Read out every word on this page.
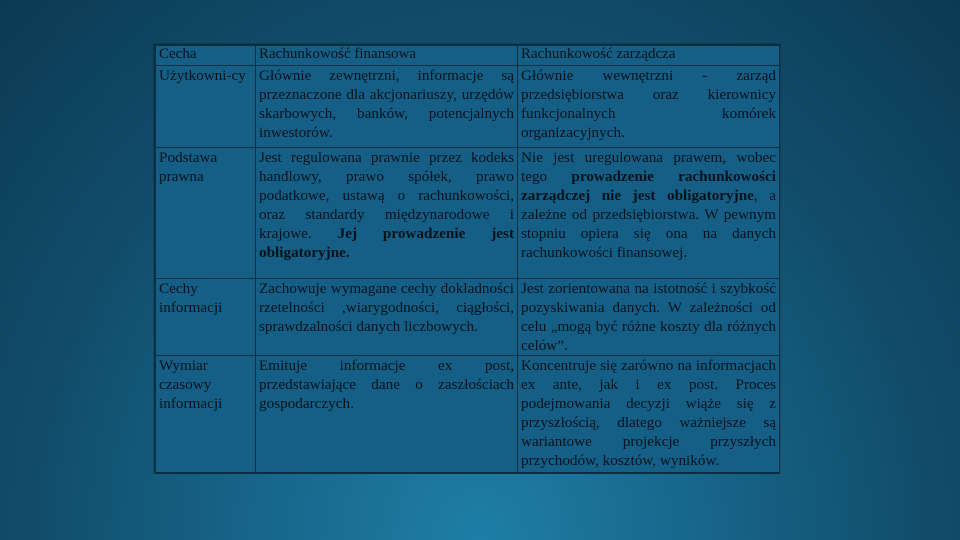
Cecha	Rachunkowość finansowa	Rachunkowość zarządcza
Użytkowni-cy	Głównie zewnętrzni, informacje są przeznaczone dla akcjonariuszy, urzędów skarbowych, banków, potencjalnych inwestorów.	Głównie wewnętrzni - zarząd przedsiębiorstwa oraz kierownicy funkcjonalnych komórek organizacyjnych.
Podstawa prawna	Jest regulowana prawnie przez kodeks handlowy, prawo spółek, prawo podatkowe, ustawą o rachunkowości, oraz standardy międzynarodowe i krajowe. Jej prowadzenie jest obligatoryjne.	Nie jest uregulowana prawem, wobec tego prowadzenie rachunkowości zarządczej nie jest obligatoryjne, a zależne od przedsiębiorstwa. W pewnym stopniu opiera się ona na danych rachunkowości finansowej.
Cechy informacji	Zachowuje wymagane cechy dokładności rzetelności ,wiarygodności, ciągłości, sprawdzalności danych liczbowych.	Jest zorientowana na istotność i szybkość pozyskiwania danych. W zależności od celu „mogą być różne koszty dla różnych celów”.
Wymiar czasowy informacji	Emituje informacje ex post, przedstawiające dane o zaszłościach gospodarczych.	Koncentruje się zarówno na informacjach ex ante, jak i ex post. Proces podejmowania decyzji wiąże się z przyszłością, dlatego ważniejsze są wariantowe projekcje przyszłych przychodów, kosztów, wyników.
